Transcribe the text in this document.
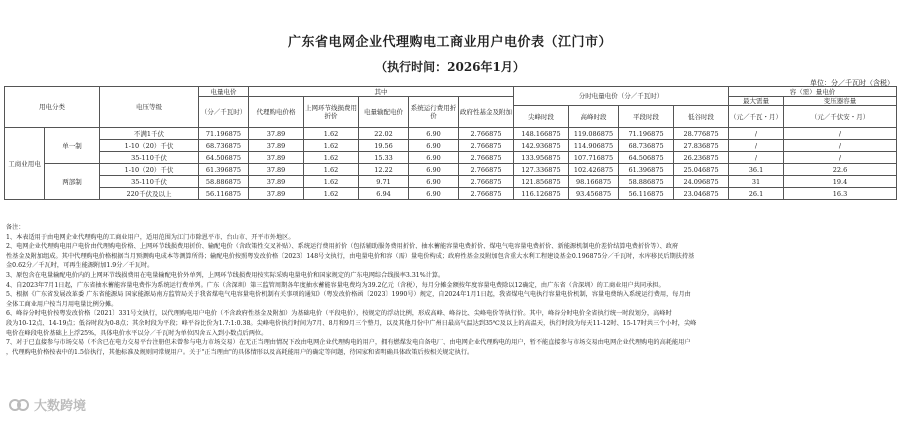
广东省电网企业代理购电工商业用户电价表（江门市）
（执行时间：2026年1月）
单位：分／千瓦时（含税）
用电分类		电压等级	电量电价	其中					分时电量电价（分／千瓦时）				容（需）量电价	
			（分／千瓦时）	代理购电价格	上网环节线损费用折价	电量输配电价	系统运行费用折价	政府性基金及附加					最大需量	变压器容量
									尖峰时段	高峰时段	平段时段	低谷时段	（元／千瓦・月）	（元／千伏安・月）
工商业用电	单一制	不满1千伏	71.196875	37.89	1.62	22.02	6.90	2.766875	148.166875	119.086875	71.196875	28.776875	/	/
		1-10（20）千伏	68.736875	37.89	1.62	19.56	6.90	2.766875	142.936875	114.906875	68.736875	27.836875	/	/
		35-110千伏	64.506875	37.89	1.62	15.33	6.90	2.766875	133.956875	107.716875	64.506875	26.236875	/	/
	两部制	1-10（20）千伏	61.396875	37.89	1.62	12.22	6.90	2.766875	127.336875	102.426875	61.396875	25.046875	36.1	22.6
		35-110千伏	58.886875	37.89	1.62	9.71	6.90	2.766875	121.856875	98.166875	58.886875	24.096875	31	19.4
		220千伏及以上	56.116875	37.89	1.62	6.94	6.90	2.766875	116.126875	93.456875	56.116875	23.046875	26.1	16.3

备注：

1、本表适用于由电网企业代理购电的工商业用户，适用范围为江门市除恩平市、台山市、开平市外地区。

2、电网企业代理购电用户电价由代理购电价格、上网环节线损费用折价、输配电价（含政策性交叉补贴）、系统运行费用折价（包括辅助服务费用折价、抽水蓄能容量电费折价、煤电气电容量电费折价、新能源机制电价差价结算电费折价等）、政府

性基金及附加组成。其中代理购电价格根据当月预测购电成本等测算所得；输配电价按照粤发改价格〔2023〕148号文执行，由电量电价和容（需）量电价构成；政府性基金及附加包含重大水利工程建设基金0.196875分／千瓦时，水库移民后期扶持基

金0.62分／千瓦时，可再生能源附加1.9分／千瓦时。

3、原包含在电量输配电价内的上网环节线损费用在电量输配电价外单列，上网环节线损费用按实际采购电量电价和国家规定的广东电网综合线损率3.31%计算。

4、自2023年7月1日起，广东省抽水蓄能容量电费作为系统运行费单列。广东（含深圳）第三监管周期各年度抽水蓄能容量电费均为39.2亿元（含税），每月分摊金额按年度容量电费除以12确定，由广东省（含深圳）的工商业用户共同承担。

5、根据《广东省发展改革委 广东省能源局 国家能源局南方监管局关于我省煤电气电容量电价机制有关事项的通知》（粤发改价格函〔2023〕1990号）规定，自2024年1月1日起，我省煤电气电执行容量电价机制，容量电费纳入系统运行费用，每月由

全体工商业用户按当月用电量比例分摊。

6、峰谷分时电价按粤发改价格〔2021〕331号文执行，以代理购电用户电价（不含政府性基金及附加）为基础电价（平段电价），按规定的浮动比例，形成高峰、峰谷比、尖峰电价等执行价。其中，峰谷分时电价全省执行统一时段划分，高峰时

段为10-12点、14-19点；低谷时段为0-8点；其余时段为平段；峰平谷比价为1.7:1:0.38。尖峰电价执行时间为7月、8月和9月三个整月，以及其他月份中广州日最高气温达到35℃及以上的高温天，执行时段为每天11-12时、15-17时共三个小时，尖峰

电价在峰段电价基础上上浮25%，具体电价水平以分／千瓦时为单位四舍五入到小数点后两位。

7、对于已直接参与市场交易（不含已在电力交易平台注册但未曾参与电力市场交易）在无正当理由情况下改由电网企业代理购电的用户，拥有燃煤发电自备电厂、由电网企业代理购电的用户，暂不能直接参与市场交易由电网企业代理购电的高耗能用户

，代理购电价格按表中的1.5倍执行，其他标准及规则同常规用户。关于"正当理由"的具体情形以及高耗能用户的确定等问题，待国家和省明确具体政策后按相关规定执行。

大数跨境
